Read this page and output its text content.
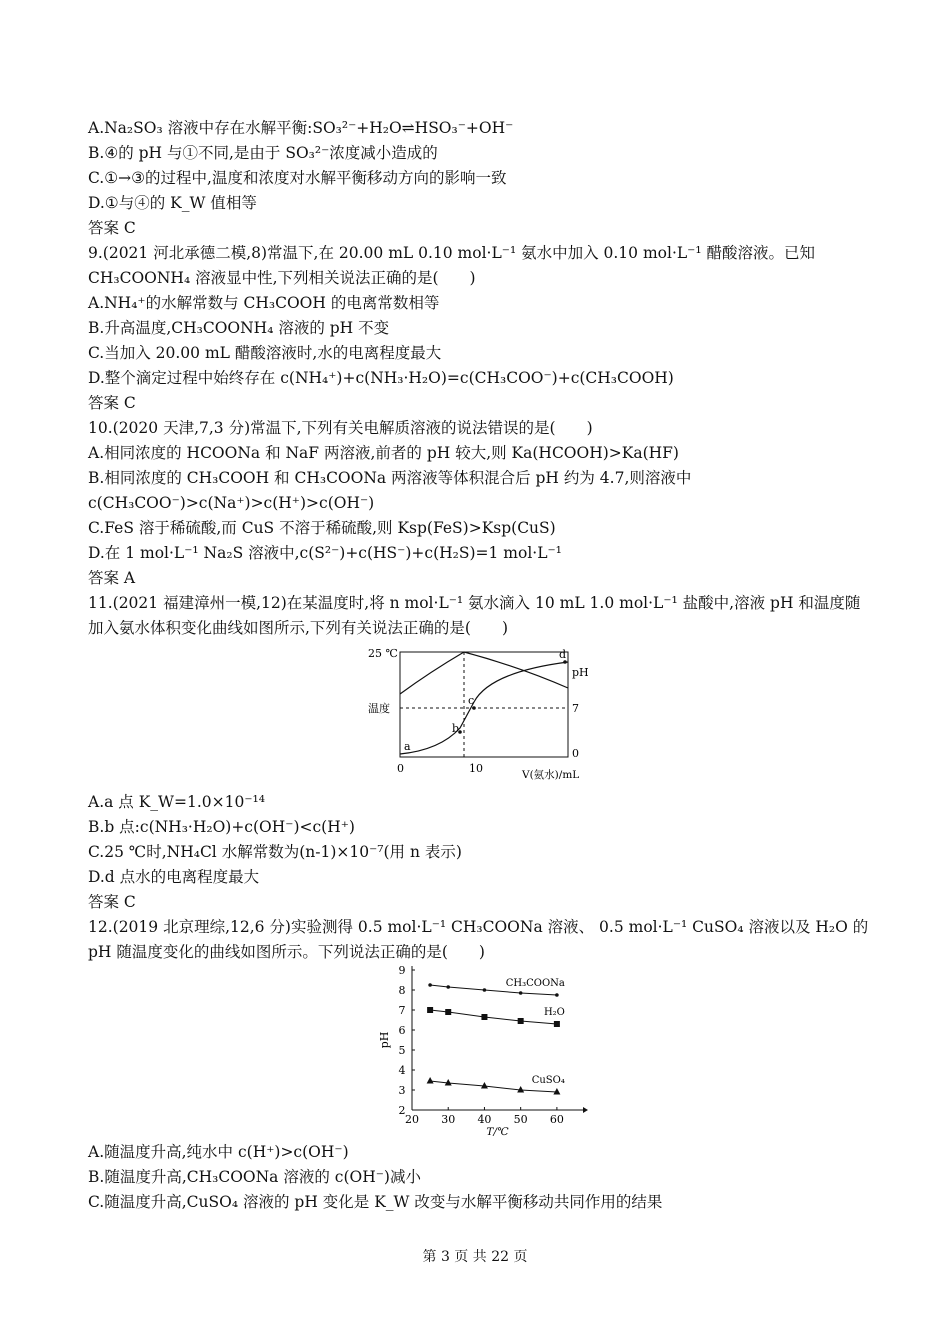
A.Na₂SO₃ 溶液中存在水解平衡:SO₃²⁻+H₂O⇌HSO₃⁻+OH⁻
B.④的 pH 与①不同,是由于 SO₃²⁻浓度减小造成的
C.①→③的过程中,温度和浓度对水解平衡移动方向的影响一致
D.①与④的 K_W 值相等
答案 C
9.(2021 河北承德二模,8)常温下,在 20.00 mL 0.10 mol·L⁻¹ 氨水中加入 0.10 mol·L⁻¹ 醋酸溶液。已知
CH₃COONH₄ 溶液显中性,下列相关说法正确的是(　　)
A.NH₄⁺的水解常数与 CH₃COOH 的电离常数相等
B.升高温度,CH₃COONH₄ 溶液的 pH 不变
C.当加入 20.00 mL 醋酸溶液时,水的电离程度最大
D.整个滴定过程中始终存在 c(NH₄⁺)+c(NH₃·H₂O)=c(CH₃COO⁻)+c(CH₃COOH)
答案 C
10.(2020 天津,7,3 分)常温下,下列有关电解质溶液的说法错误的是(　　)
A.相同浓度的 HCOONa 和 NaF 两溶液,前者的 pH 较大,则 Ka(HCOOH)>Ka(HF)
B.相同浓度的 CH₃COOH 和 CH₃COONa 两溶液等体积混合后 pH 约为 4.7,则溶液中
c(CH₃COO⁻)>c(Na⁺)>c(H⁺)>c(OH⁻)
C.FeS 溶于稀硫酸,而 CuS 不溶于稀硫酸,则 Ksp(FeS)>Ksp(CuS)
D.在 1 mol·L⁻¹ Na₂S 溶液中,c(S²⁻)+c(HS⁻)+c(H₂S)=1 mol·L⁻¹
答案 A
11.(2021 福建漳州一模,12)在某温度时,将 n mol·L⁻¹ 氨水滴入 10 mL 1.0 mol·L⁻¹ 盐酸中,溶液 pH 和温度随
加入氨水体积变化曲线如图所示,下列有关说法正确的是(　　)
25 ℃
温度
pH
7
0
0	10	V(氨水)/mL
a
b
c
d
A.a 点 K_W=1.0×10⁻¹⁴
B.b 点:c(NH₃·H₂O)+c(OH⁻)<c(H⁺)
C.25 ℃时,NH₄Cl 水解常数为(n-1)×10⁻⁷(用 n 表示)
D.d 点水的电离程度最大
答案 C
12.(2019 北京理综,12,6 分)实验测得 0.5 mol·L⁻¹ CH₃COONa 溶液、 0.5 mol·L⁻¹ CuSO₄ 溶液以及 H₂O 的
pH 随温度变化的曲线如图所示。下列说法正确的是(　　)
2
3
4
5
6
7
8
9
20 30 40 50 60
pH
T/℃
CH₃COONa
H₂O
CuSO₄
A.随温度升高,纯水中 c(H⁺)>c(OH⁻)
B.随温度升高,CH₃COONa 溶液的 c(OH⁻)减小
C.随温度升高,CuSO₄ 溶液的 pH 变化是 K_W 改变与水解平衡移动共同作用的结果
第 3 页 共 22 页
